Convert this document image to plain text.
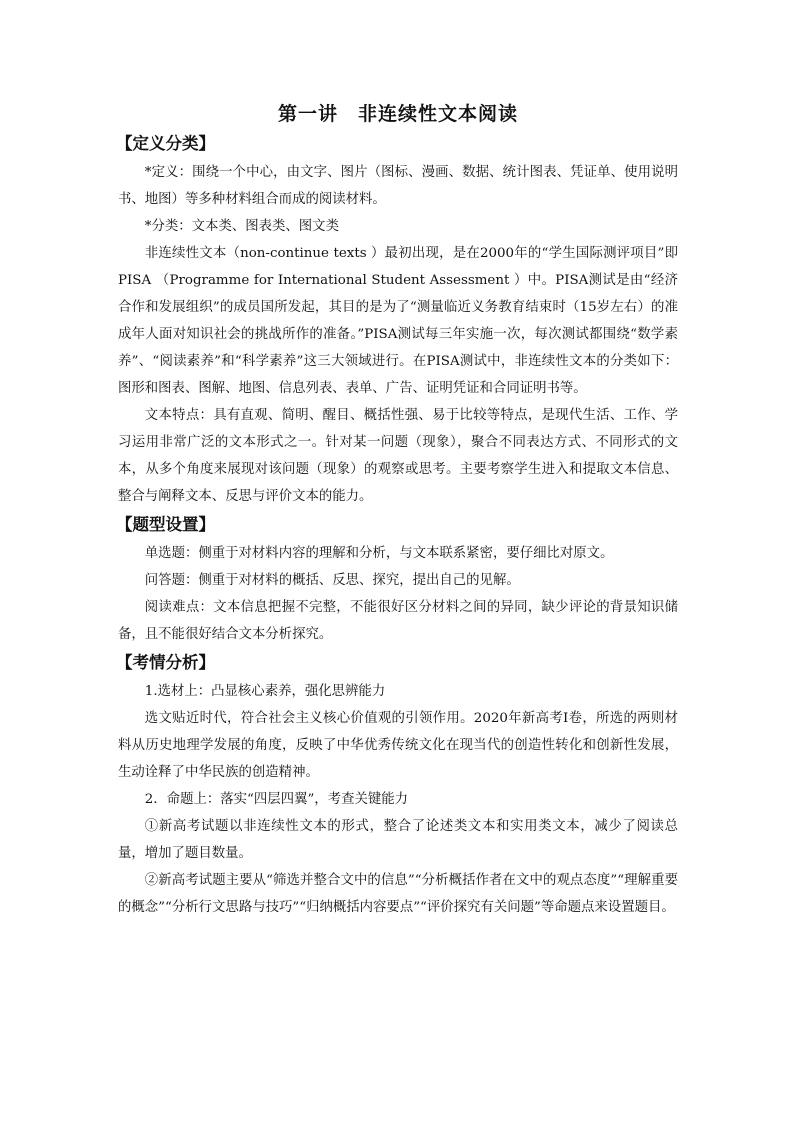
第一讲　非连续性文本阅读
【定义分类】

*定义：围绕一个中心，由文字、图片（图标、漫画、数据、统计图表、凭证单、使用说明书、地图）等多种材料组合而成的阅读材料。

*分类：文本类、图表类、图文类

非连续性文本（non-continue texts ）最初出现，是在2000年的“学生国际测评项目”即PISA （Programme for International Student Assessment ）中。PISA测试是由“经济合作和发展组织”的成员国所发起，其目的是为了“测量临近义务教育结束时（15岁左右）的准成年人面对知识社会的挑战所作的准备。”PISA测试每三年实施一次，每次测试都围绕“数学素养”、“阅读素养”和“科学素养”这三大领域进行。在PISA测试中，非连续性文本的分类如下：图形和图表、图解、地图、信息列表、表单、广告、证明凭证和合同证明书等。

文本特点：具有直观、简明、醒目、概括性强、易于比较等特点，是现代生活、工作、学习运用非常广泛的文本形式之一。针对某一问题（现象），聚合不同表达方式、不同形式的文本，从多个角度来展现对该问题（现象）的观察或思考。主要考察学生进入和提取文本信息、整合与阐释文本、反思与评价文本的能力。

【题型设置】

单选题：侧重于对材料内容的理解和分析，与文本联系紧密，要仔细比对原文。

问答题：侧重于对材料的概括、反思、探究，提出自己的见解。

阅读难点：文本信息把握不完整，不能很好区分材料之间的异同，缺少评论的背景知识储备，且不能很好结合文本分析探究。

【考情分析】

1.选材上：凸显核心素养，强化思辨能力

选文贴近时代，符合社会主义核心价值观的引领作用。2020年新高考Ⅰ卷，所选的两则材料从历史地理学发展的角度，反映了中华优秀传统文化在现当代的创造性转化和创新性发展，生动诠释了中华民族的创造精神。

2．命题上：落实“四层四翼”，考查关键能力

①新高考试题以非连续性文本的形式，整合了论述类文本和实用类文本，减少了阅读总量，增加了题目数量。

②新高考试题主要从“筛选并整合文中的信息”“分析概括作者在文中的观点态度”“理解重要的概念”“分析行文思路与技巧”“归纳概括内容要点”“评价探究有关问题”等命题点来设置题目。
